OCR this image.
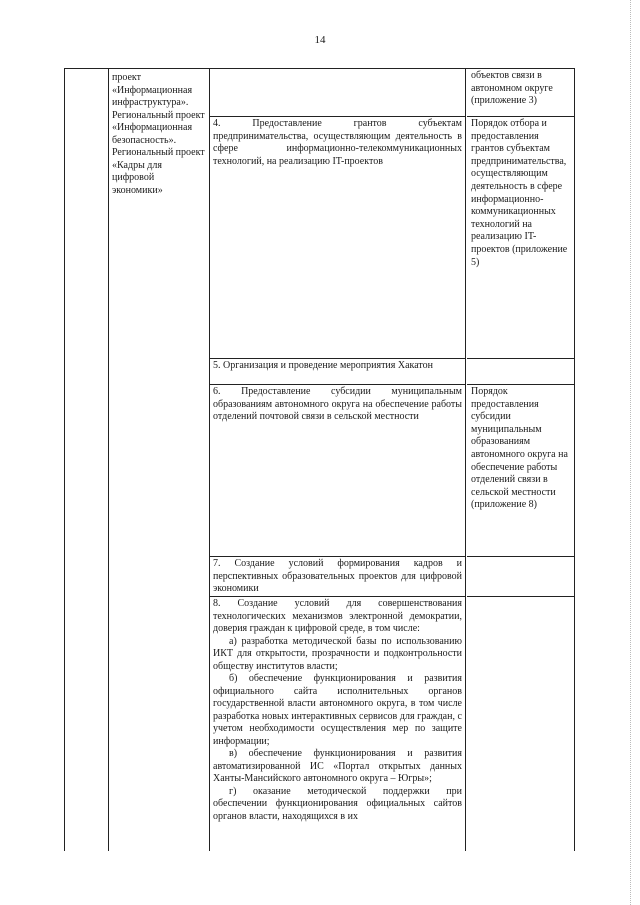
14
проект «Информационная инфраструктура». Региональный проект «Информационная безопасность». Региональный проект «Кадры для цифровой экономики»
объектов связи в автономном округе (приложение 3)
4. Предоставление грантов субъектам предпринимательства, осуществляющим деятельность в сфере информационно-телекоммуникационных технологий, на реализацию IT-проектов
Порядок отбора и предоставления грантов субъектам предпринимательства, осуществляющим деятельность в сфере информационно-коммуникационных технологий на реализацию IT-проектов (приложение 5)
5. Организация и проведение мероприятия Хакатон
6. Предоставление субсидии муниципальным образованиям автономного округа на обеспечение работы отделений почтовой связи в сельской местности
Порядок предоставления субсидии муниципальным образованиям автономного округа на обеспечение работы отделений связи в сельской местности (приложение 8)
7. Создание условий формирования кадров и перспективных образовательных проектов для цифровой экономики

8. Создание условий для совершенствования технологических механизмов электронной демократии, доверия граждан к цифровой среде, в том числе:

а) разработка методической базы по использованию ИКТ для открытости, прозрачности и подконтрольности обществу институтов власти;

б) обеспечение функционирования и развития официального сайта исполнительных органов государственной власти автономного округа, в том числе разработка новых интерактивных сервисов для граждан, с учетом необходимости осуществления мер по защите информации;

в) обеспечение функционирования и развития автоматизированной ИС «Портал открытых данных Ханты-Мансийского автономного округа – Югры»;

г) оказание методической поддержки при обеспечении функционирования официальных сайтов органов власти, находящихся в их
